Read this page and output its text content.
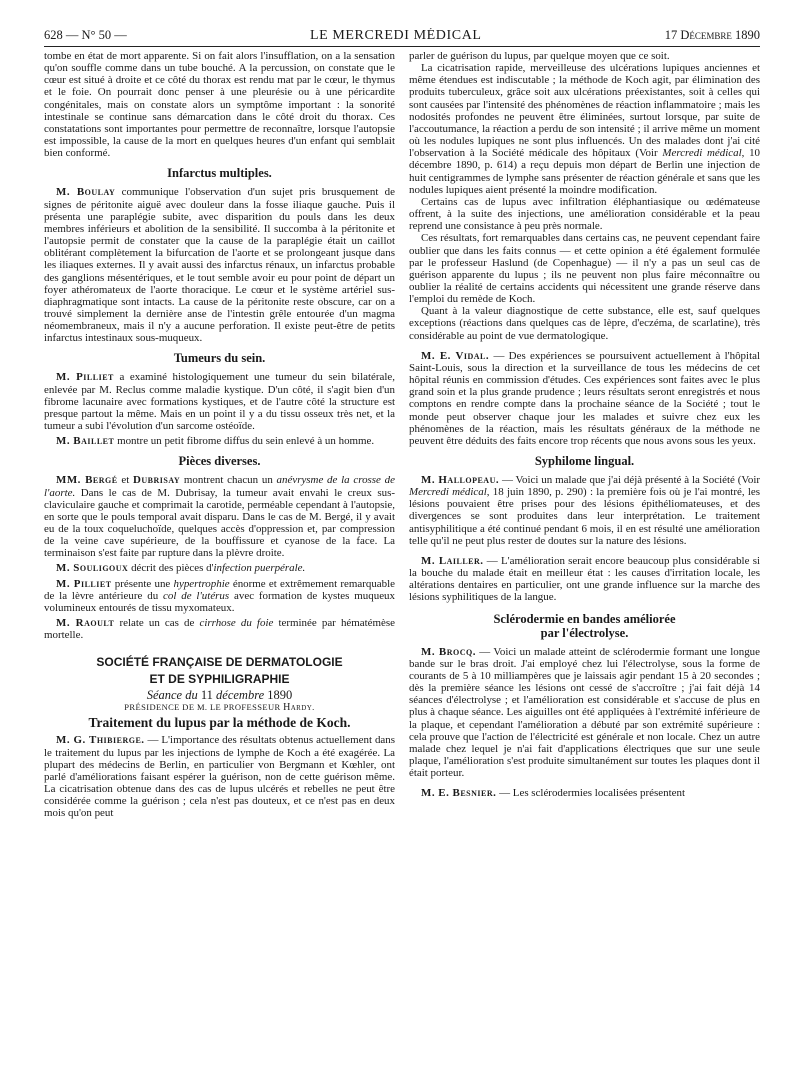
628 — N° 50 —	LE MERCREDI MÉDICAL	17 Décembre 1890

tombe en état de mort apparente. Si on fait alors l'insufflation, on a la sensation qu'on souffle comme dans un tube bouché. A la percussion, on constate que le cœur est situé à droite et ce côté du thorax est rendu mat par le cœur, le thymus et le foie. On pourrait donc penser à une pleurésie ou à une péricardite congénitales, mais on constate alors un symptôme important : la sonorité intestinale se continue sans démarcation dans le côté droit du thorax. Ces constatations sont importantes pour permettre de reconnaître, lorsque l'autopsie est impossible, la cause de la mort en quelques heures d'un enfant qui semblait bien conformé.

Infarctus multiples.

M. Boulay communique l'observation d'un sujet pris brusquement de signes de péritonite aiguë avec douleur dans la fosse iliaque gauche. Puis il présenta une paraplégie subite, avec disparition du pouls dans les deux membres inférieurs et abolition de la sensibilité. Il succomba à la péritonite et l'autopsie permit de constater que la cause de la paraplégie était un caillot oblitérant complètement la bifurcation de l'aorte et se prolongeant jusque dans les iliaques externes. Il y avait aussi des infarctus rénaux, un infarctus probable des ganglions mésentériques, et le tout semble avoir eu pour point de départ un foyer athéromateux de l'aorte thoracique. Le cœur et le système artériel sus-diaphragmatique sont intacts. La cause de la péritonite reste obscure, car on a trouvé simplement la dernière anse de l'intestin grêle entourée d'un magma néomembraneux, mais il n'y a aucune perforation. Il existe peut-être de petits infarctus intestinaux sous-muqueux.

Tumeurs du sein.

M. Pilliet a examiné histologiquement une tumeur du sein bilatérale, enlevée par M. Reclus comme maladie kystique. D'un côté, il s'agit bien d'un fibrome lacunaire avec formations kystiques, et de l'autre côté la structure est presque partout la même. Mais en un point il y a du tissu osseux très net, et la tumeur a subi l'évolution d'un sarcome ostéoïde.

M. Baillet montre un petit fibrome diffus du sein enlevé à un homme.

Pièces diverses.

MM. Bergé et Dubrisay montrent chacun un anévrysme de la crosse de l'aorte. Dans le cas de M. Dubrisay, la tumeur avait envahi le creux sus-claviculaire gauche et comprimait la carotide, perméable cependant à l'autopsie, en sorte que le pouls temporal avait disparu. Dans le cas de M. Bergé, il y avait eu de la toux coqueluchoïde, quelques accès d'oppression et, par compression de la veine cave supérieure, de la bouffissure et cyanose de la face. La terminaison s'est faite par rupture dans la plèvre droite.

M. Souligoux décrit des pièces d'infection puerpérale.

M. Pilliet présente une hypertrophie énorme et extrêmement remarquable de la lèvre antérieure du col de l'utérus avec formation de kystes muqueux volumineux entourés de tissu myxomateux.

M. Raoult relate un cas de cirrhose du foie terminée par hématémèse mortelle.

SOCIÉTÉ FRANÇAISE DE DERMATOLOGIE
ET DE SYPHILIGRAPHIE
Séance du 11 décembre 1890
PRÉSIDENCE DE M. LE PROFESSEUR Hardy.
Traitement du lupus par la méthode de Koch.

M. G. Thibierge. — L'importance des résultats obtenus actuellement dans le traitement du lupus par les injections de lymphe de Koch a été exagérée. La plupart des médecins de Berlin, en particulier von Bergmann et Kœhler, ont parlé d'améliorations faisant espérer la guérison, non de cette guérison même. La cicatrisation obtenue dans des cas de lupus ulcérés et rebelles ne peut être considérée comme la guérison ; cela n'est pas douteux, et ce n'est pas en deux mois qu'on peut

parler de guérison du lupus, par quelque moyen que ce soit.

La cicatrisation rapide, merveilleuse des ulcérations lupiques anciennes et même étendues est indiscutable ; la méthode de Koch agit, par élimination des produits tuberculeux, grâce soit aux ulcérations préexistantes, soit à celles qui sont causées par l'intensité des phénomènes de réaction inflammatoire ; mais les nodosités profondes ne peuvent être éliminées, surtout lorsque, par suite de l'accoutumance, la réaction a perdu de son intensité ; il arrive même un moment où les nodules lupiques ne sont plus influencés. Un des malades dont j'ai cité l'observation à la Société médicale des hôpitaux (Voir Mercredi médical, 10 décembre 1890, p. 614) a reçu depuis mon départ de Berlin une injection de huit centigrammes de lymphe sans présenter de réaction générale et sans que les nodules lupiques aient présenté la moindre modification.

Certains cas de lupus avec infiltration éléphantiasique ou œdémateuse offrent, à la suite des injections, une amélioration considérable et la peau reprend une consistance à peu près normale.

Ces résultats, fort remarquables dans certains cas, ne peuvent cependant faire oublier que dans les faits connus — et cette opinion a été également formulée par le professeur Haslund (de Copenhague) — il n'y a pas un seul cas de guérison apparente du lupus ; ils ne peuvent non plus faire méconnaître ou oublier la réalité de certains accidents qui nécessitent une grande réserve dans l'emploi du remède de Koch.

Quant à la valeur diagnostique de cette substance, elle est, sauf quelques exceptions (réactions dans quelques cas de lèpre, d'eczéma, de scarlatine), très considérable au point de vue dermatologique.

M. E. Vidal. — Des expériences se poursuivent actuellement à l'hôpital Saint-Louis, sous la direction et la surveillance de tous les médecins de cet hôpital réunis en commission d'études. Ces expériences sont faites avec le plus grand soin et la plus grande prudence ; leurs résultats seront enregistrés et nous comptons en rendre compte dans la prochaine séance de la Société ; tout le monde peut observer chaque jour les malades et suivre chez eux les phénomènes de la réaction, mais les résultats généraux de la méthode ne peuvent être déduits des faits encore trop récents que nous avons sous les yeux.

Syphilome lingual.

M. Hallopeau. — Voici un malade que j'ai déjà présenté à la Société (Voir Mercredi médical, 18 juin 1890, p. 290) : la première fois où je l'ai montré, les lésions pouvaient être prises pour des lésions épithéliomateuses, et des divergences se sont produites dans leur interprétation. Le traitement antisyphilitique a été continué pendant 6 mois, il en est résulté une amélioration telle qu'il ne peut plus rester de doutes sur la nature des lésions.

M. Lailler. — L'amélioration serait encore beaucoup plus considérable si la bouche du malade était en meilleur état : les causes d'irritation locale, les altérations dentaires en particulier, ont une grande influence sur la marche des lésions syphilitiques de la langue.

Sclérodermie en bandes améliorée
par l'électrolyse.

M. Brocq. — Voici un malade atteint de sclérodermie formant une longue bande sur le bras droit. J'ai employé chez lui l'électrolyse, sous la forme de courants de 5 à 10 milliampères que je laissais agir pendant 15 à 20 secondes ; dès la première séance les lésions ont cessé de s'accroître ; j'ai fait déjà 14 séances d'électrolyse ; et l'amélioration est considérable et s'accuse de plus en plus à chaque séance. Les aiguilles ont été appliquées à l'extrémité inférieure de la plaque, et cependant l'amélioration a débuté par son extrémité supérieure : cela prouve que l'action de l'électricité est générale et non locale. Chez un autre malade chez lequel je n'ai fait d'applications électriques que sur une seule plaque, l'amélioration s'est produite simultanément sur toutes les plaques dont il était porteur.

M. E. Besnier. — Les sclérodermies localisées présentent
